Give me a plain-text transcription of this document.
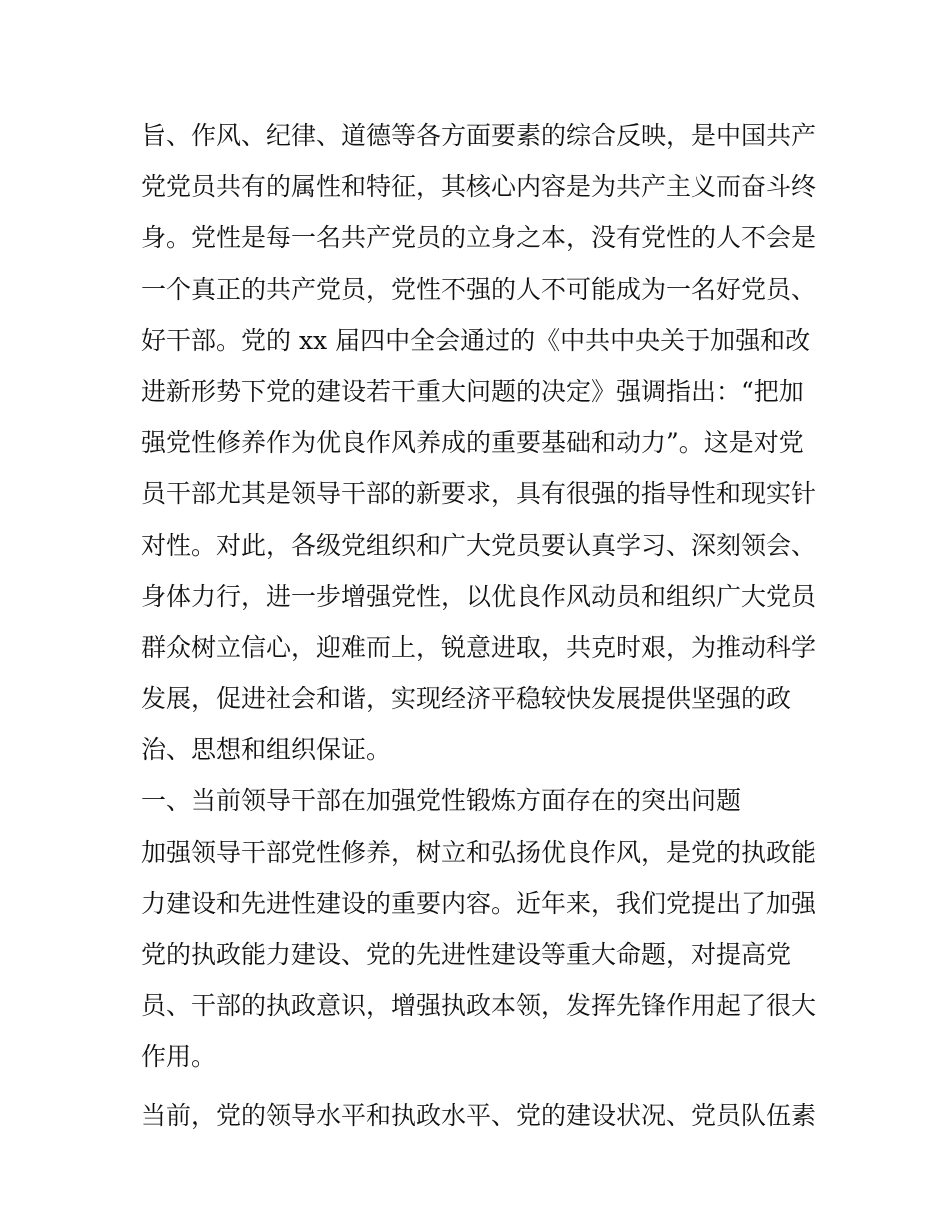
旨、作风、纪律、道德等各方面要素的综合反映，是中国共产
党党员共有的属性和特征，其核心内容是为共产主义而奋斗终
身。党性是每一名共产党员的立身之本，没有党性的人不会是
一个真正的共产党员，党性不强的人不可能成为一名好党员、
好干部。党的 xx 届四中全会通过的《中共中央关于加强和改
进新形势下党的建设若干重大问题的决定》强调指出：“把加
强党性修养作为优良作风养成的重要基础和动力”。这是对党
员干部尤其是领导干部的新要求，具有很强的指导性和现实针
对性。对此，各级党组织和广大党员要认真学习、深刻领会、
身体力行，进一步增强党性，以优良作风动员和组织广大党员
群众树立信心，迎难而上，锐意进取，共克时艰，为推动科学
发展，促进社会和谐，实现经济平稳较快发展提供坚强的政
治、思想和组织保证。
一、当前领导干部在加强党性锻炼方面存在的突出问题
加强领导干部党性修养，树立和弘扬优良作风，是党的执政能
力建设和先进性建设的重要内容。近年来，我们党提出了加强
党的执政能力建设、党的先进性建设等重大命题，对提高党
员、干部的执政意识，增强执政本领，发挥先锋作用起了很大
作用。
当前，党的领导水平和执政水平、党的建设状况、党员队伍素
